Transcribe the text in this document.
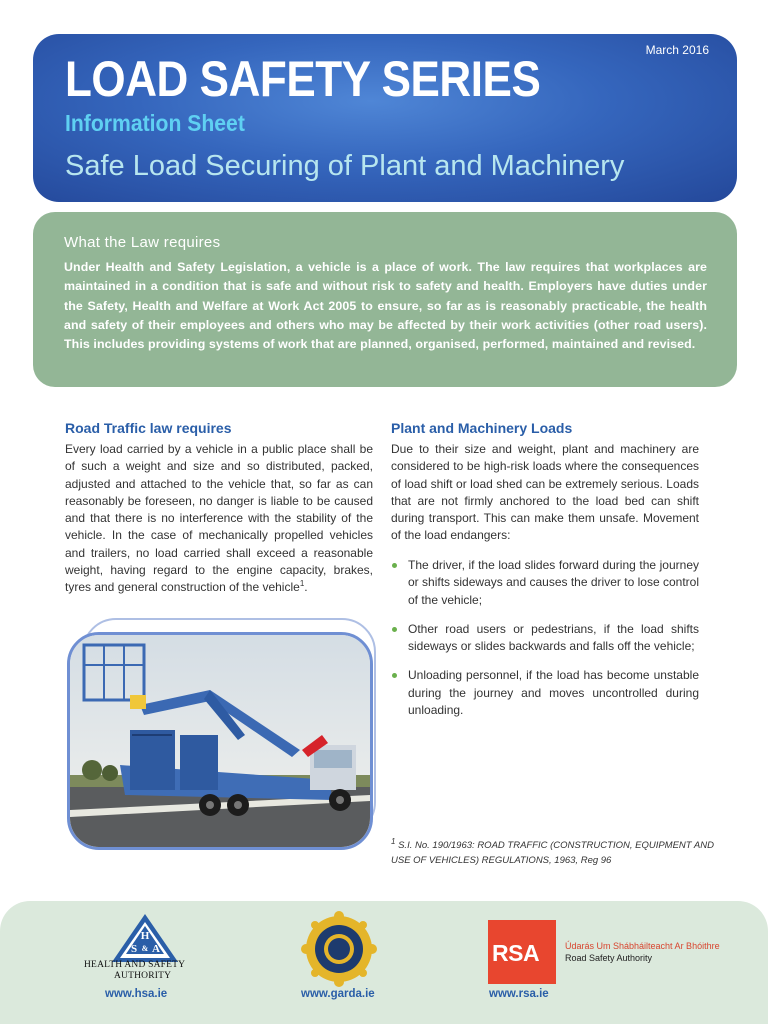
March 2016
LOAD SAFETY SERIES
Information Sheet
Safe Load Securing of Plant and Machinery
What the Law requires

Under Health and Safety Legislation, a vehicle is a place of work. The law requires that workplaces are maintained in a condition that is safe and without risk to safety and health. Employers have duties under the Safety, Health and Welfare at Work Act 2005 to ensure, so far as is reasonably practicable, the health and safety of their employees and others who may be affected by their work activities (other road users). This includes providing systems of work that are planned, organised, performed, maintained and revised.

Road Traffic law requires
Every load carried by a vehicle in a public place shall be of such a weight and size and so distributed, packed, adjusted and attached to the vehicle that, so far as can reasonably be foreseen, no danger is liable to be caused and that there is no interference with the stability of the vehicle. In the case of mechanically propelled vehicles and trailers, no load carried shall exceed a reasonable weight, having regard to the engine capacity, brakes, tyres and general construction of the vehicle$^1$.
Plant and Machinery Loads
Due to their size and weight, plant and machinery are considered to be high-risk loads where the consequences of load shift or load shed can be extremely serious. Loads that are not firmly anchored to the load bed can shift during transport. This can make them unsafe. Movement of the load endangers:
The driver, if the load slides forward during the journey or shifts sideways and causes the driver to lose control of the vehicle;
Other road users or pedestrians, if the load shifts sideways or slides backwards and falls off the vehicle;
Unloading personnel, if the load has become unstable during the journey and moves uncontrolled during unloading.
$^1$ S.I. No. 190/1963: ROAD TRAFFIC (CONSTRUCTION, EQUIPMENT AND USE OF VEHICLES) REGULATIONS, 1963, Reg 96
H
S & A
HEALTH AND SAFETY
AUTHORITY
www.hsa.ie	www.garda.ie
RSA	Údarás Um Shábháilteacht Ar Bhóithre
Road Safety Authority
www.rsa.ie
